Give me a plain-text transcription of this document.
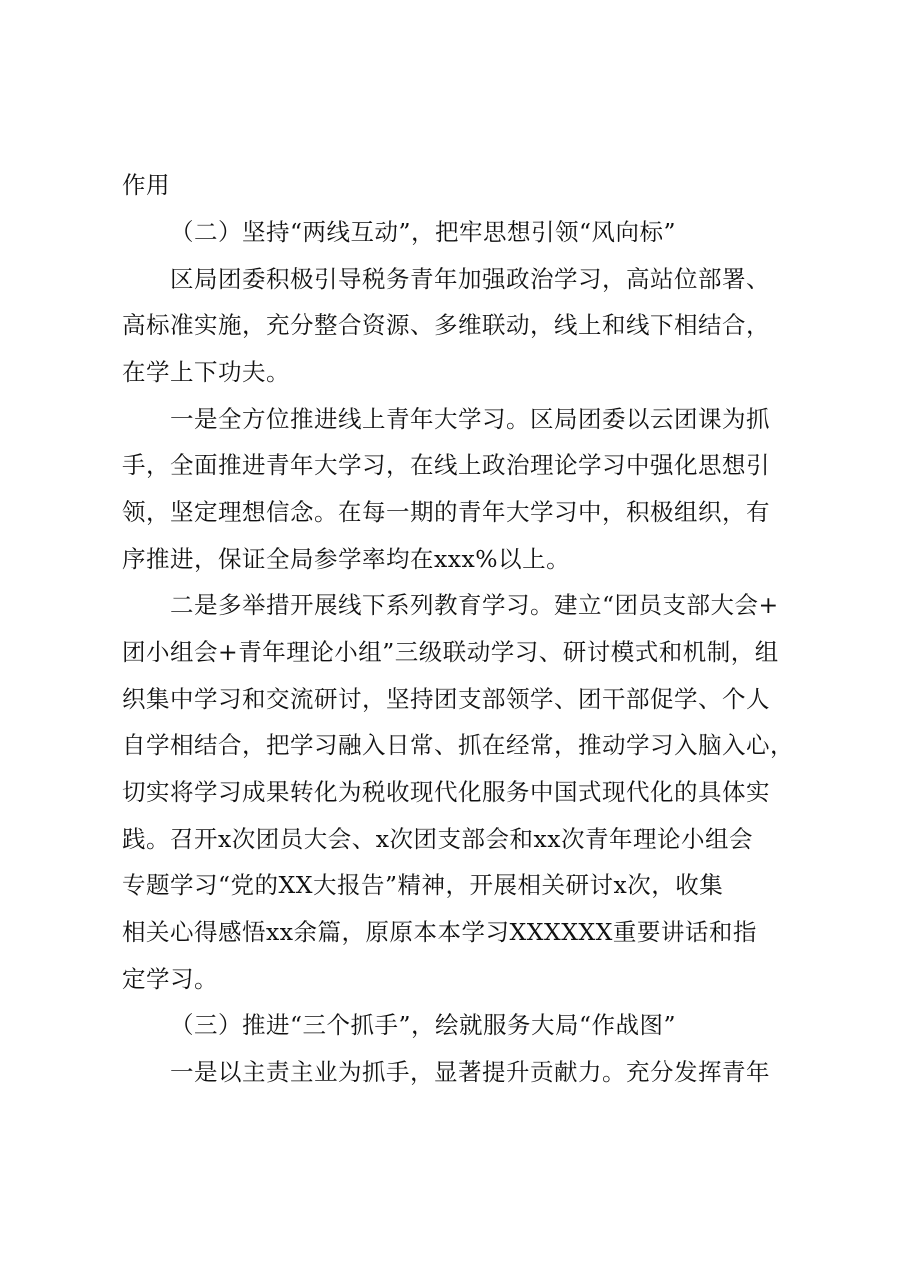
作用
（二）坚持“两线互动”，把牢思想引领“风向标”
区局团委积极引导税务青年加强政治学习，高站位部署、
高标准实施，充分整合资源、多维联动，线上和线下相结合，
在学上下功夫。
一是全方位推进线上青年大学习。区局团委以云团课为抓
手，全面推进青年大学习，在线上政治理论学习中强化思想引
领，坚定理想信念。在每一期的青年大学习中，积极组织，有
序推进，保证全局参学率均在xxx%以上。
二是多举措开展线下系列教育学习。建立“团员支部大会+
团小组会+青年理论小组”三级联动学习、研讨模式和机制，组
织集中学习和交流研讨，坚持团支部领学、团干部促学、个人
自学相结合，把学习融入日常、抓在经常，推动学习入脑入心，
切实将学习成果转化为税收现代化服务中国式现代化的具体实
践。召开x次团员大会、x次团支部会和xx次青年理论小组会
专题学习“党的XX大报告”精神，开展相关研讨x次，收集
相关心得感悟xx余篇，原原本本学习XXXXXX重要讲话和指
定学习。
（三）推进“三个抓手”，绘就服务大局“作战图”
一是以主责主业为抓手，显著提升贡献力。充分发挥青年
